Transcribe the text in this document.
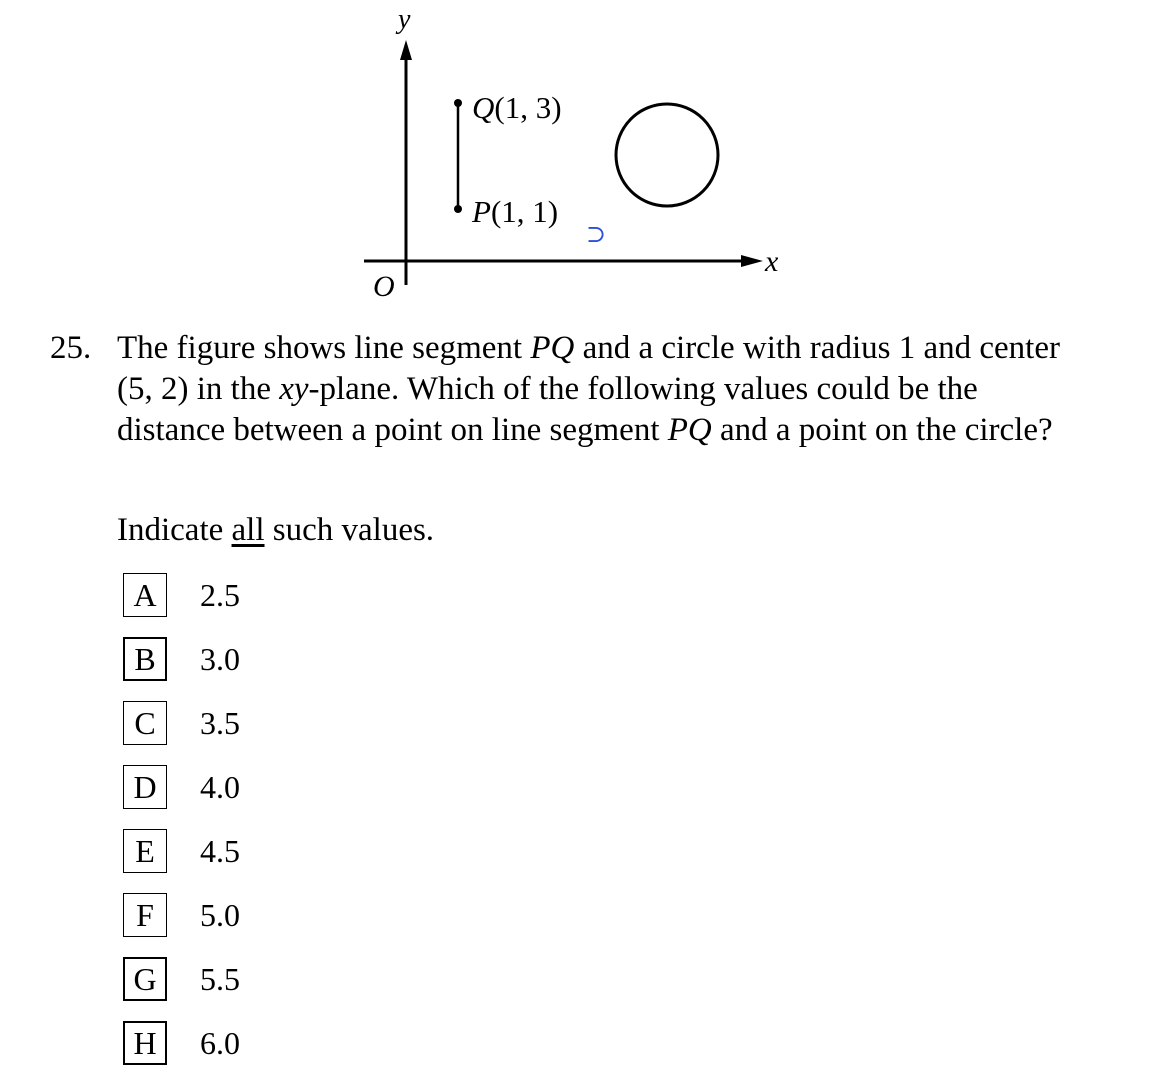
y
x
O
Q(1, 3)
P(1, 1)
⊃
25. The figure shows line segment PQ and a circle with radius 1 and center (5, 2) in the xy-plane. Which of the following values could be the distance between a point on line segment PQ and a point on the circle?
Indicate all such values.
A	2.5
B	3.0
C	3.5
D	4.0
E	4.5
F	5.0
G	5.5
H	6.0
